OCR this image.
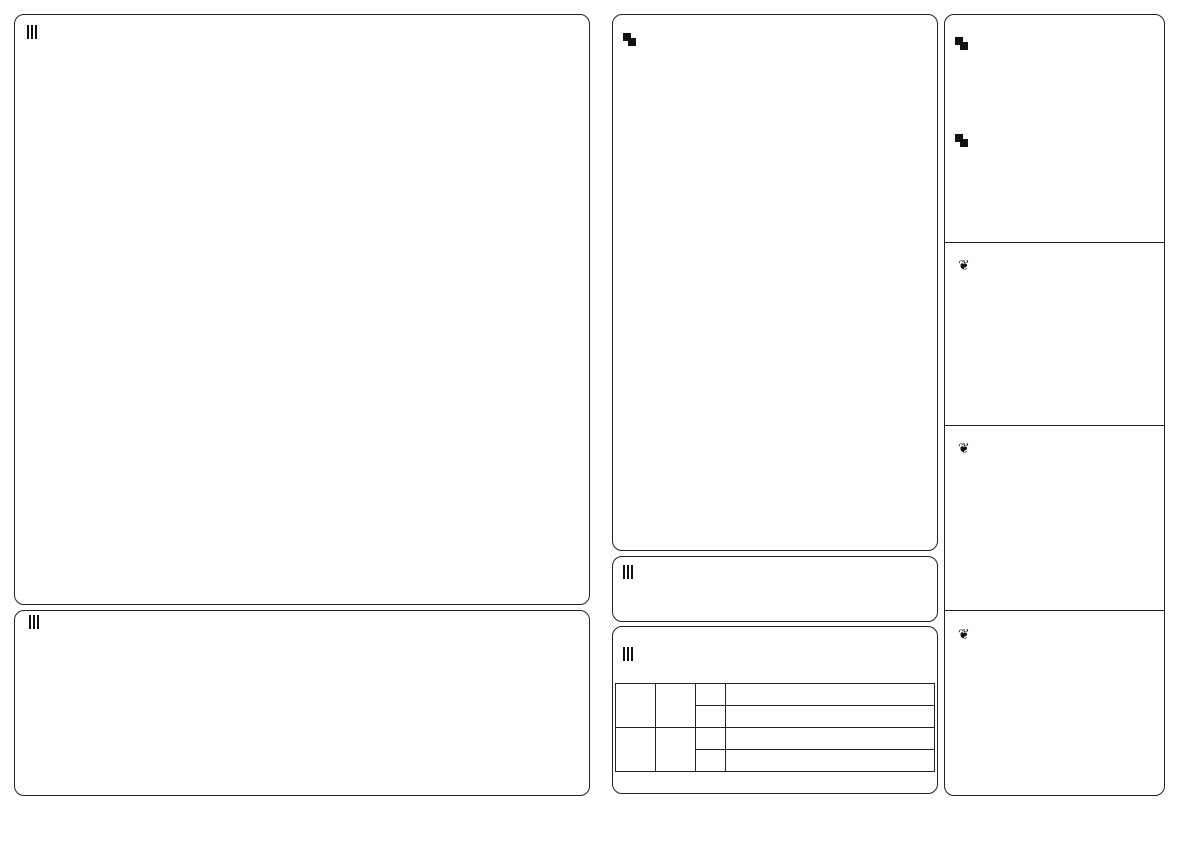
❦
❦
❦
